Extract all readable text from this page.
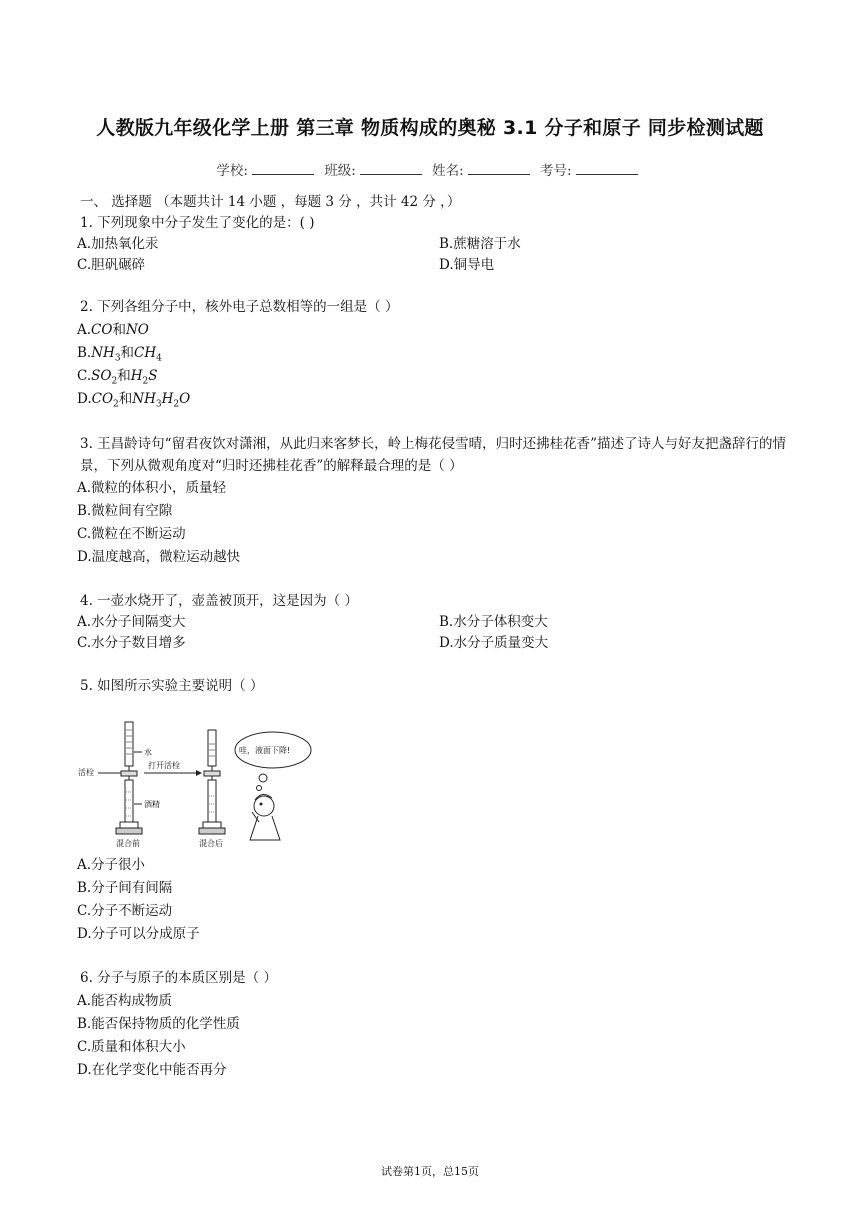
人教版九年级化学上册 第三章 物质构成的奥秘 3.1 分子和原子 同步检测试题
学校:	班级:	姓名:	考号:
一、 选择题 （本题共计 14 小题 ，每题 3 分 ，共计 42 分 ，）
1. 下列现象中分子发生了变化的是：( )
A.加热氧化汞	B.蔗糖溶于水
C.胆矾碾碎	D.铜导电
2. 下列各组分子中，核外电子总数相等的一组是（ ）
A.CO和NO
$B.NH_3$和$CH_4$
$C.SO_2$和$H_2S$
$D.CO_2$和$NH_3H_2O$
3. 王昌龄诗句“留君夜饮对潇湘，从此归来客梦长，岭上梅花侵雪晴，归时还拂桂花香”描述了诗人与好友把盏辞行的情景，下列从微观角度对“归时还拂桂花香”的解释最合理的是（ ）
A.微粒的体积小，质量轻
B.微粒间有空隙
C.微粒在不断运动
D.温度越高，微粒运动越快
4. 一壶水烧开了，壶盖被顶开，这是因为（ ）
A.水分子间隔变大	B.水分子体积变大
C.水分子数目增多	D.水分子质量变大
5. 如图所示实验主要说明（ ）
活栓
水
酒精
混合前
打开活栓
混合后
哇，液面下降!
A.分子很小
B.分子间有间隔
C.分子不断运动
D.分子可以分成原子
6. 分子与原子的本质区别是（ ）
A.能否构成物质
B.能否保持物质的化学性质
C.质量和体积大小
D.在化学变化中能否再分
试卷第1页，总15页
